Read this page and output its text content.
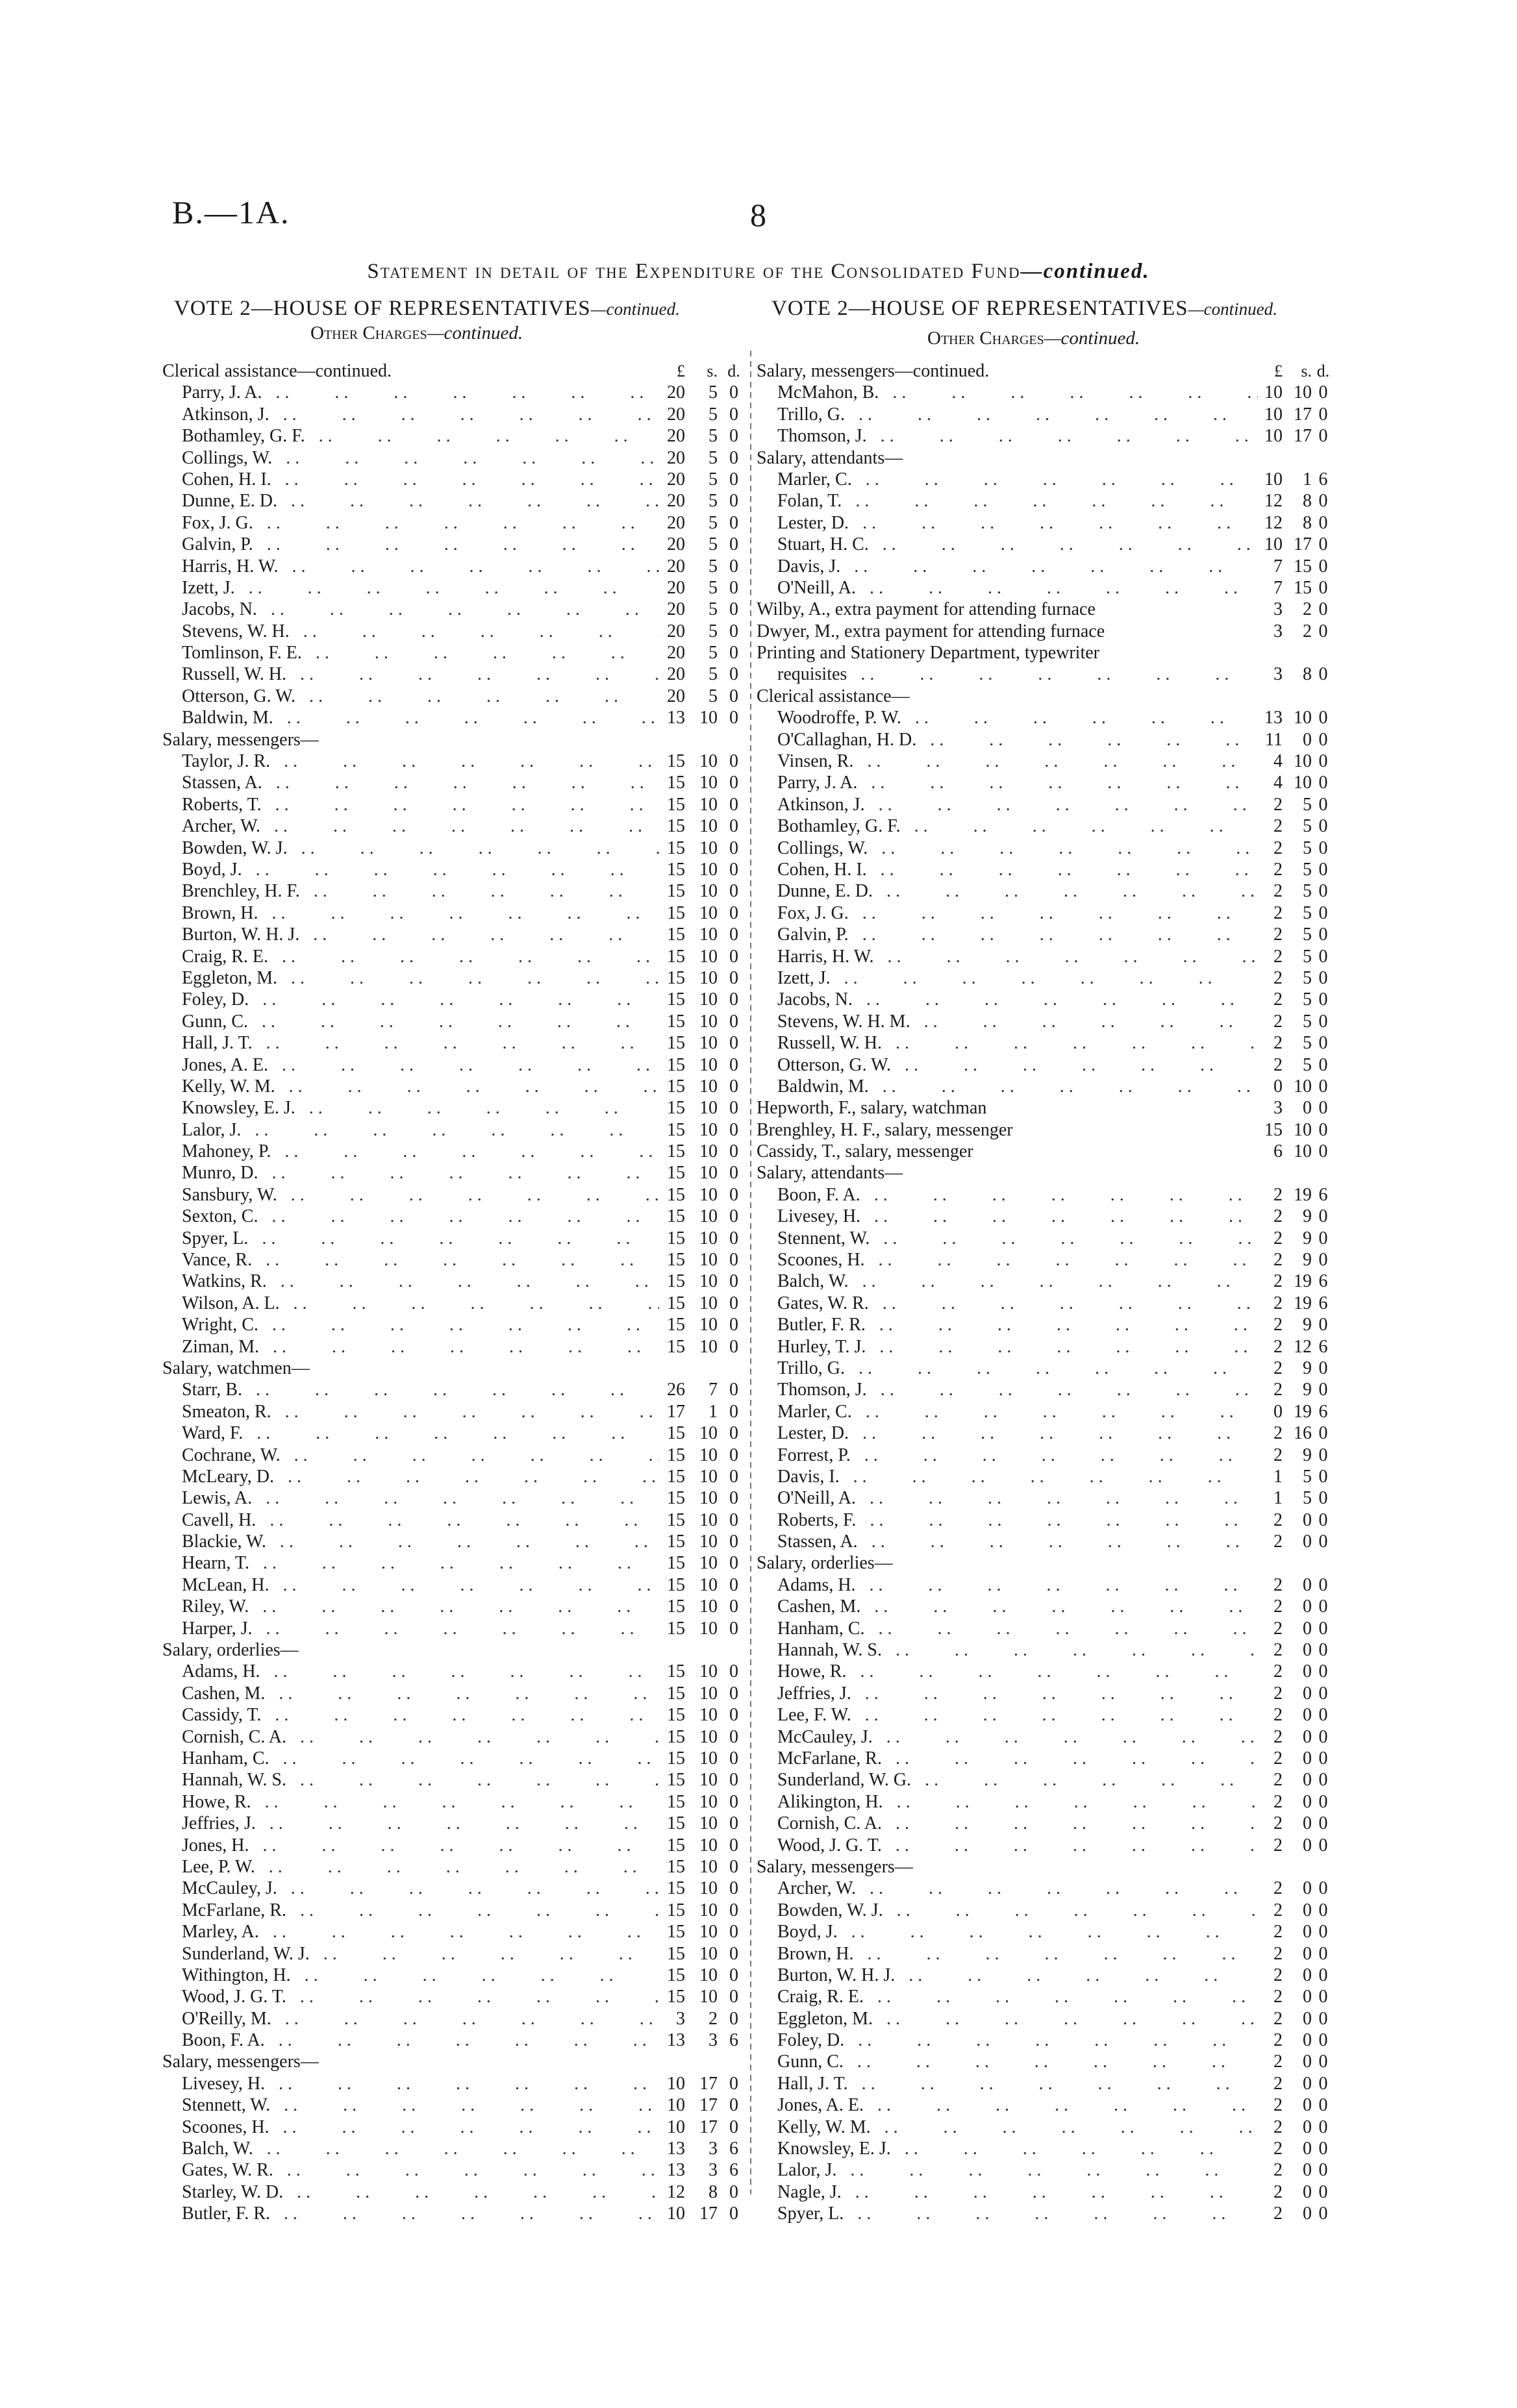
B.—1A.	8
Statement in detail of the Expenditure of the Consolidated Fund—continued.
VOTE 2—HOUSE OF REPRESENTATIVES—continued.	VOTE 2—HOUSE OF REPRESENTATIVES—continued.
Other Charges—continued.	Other Charges—continued.
Clerical assistance—continued.	£	s. d.
Parry, J. A. . .	20	5 0
Atkinson, J. . .	20	5 0
Bothamley, G. F. . .	20	5 0
Collings, W. . .	20	5 0
Cohen, H. I. . .	20	5 0
Dunne, E. D. . .	20	5 0
Fox, J. G. . .	20	5 0
Galvin, P. . .	20	5 0
Harris, H. W. . .	20	5 0
Izett, J. . .	20	5 0
Jacobs, N. . .	20	5 0
Stevens, W. H. . .	20	5 0
Tomlinson, F. E. . .	20	5 0
Russell, W. H. . .	20	5 0
Otterson, G. W. . .	20	5 0
Baldwin, M. . .	13 10 0
Salary, messengers—
Taylor, J. R. . .	15 10 0
Stassen, A. . .	15 10 0
Roberts, T. . .	15 10 0
Archer, W. . .	15 10 0
Bowden, W. J. . .	15 10 0
Boyd, J. . .	15 10 0
Brenchley, H. F. . .	15 10 0
Brown, H. . .	15 10 0
Burton, W. H. J. . .	15 10 0
Craig, R. E. . .	15 10 0
Eggleton, M. . .	15 10 0
Foley, D. . .	15 10 0
Gunn, C. . .	15 10 0
Hall, J. T. . .	15 10 0
Jones, A. E. . .	15 10 0
Kelly, W. M. . .	15 10 0
Knowsley, E. J. . .	15 10 0
Lalor, J. . .	15 10 0
Mahoney, P. . .	15 10 0
Munro, D. . .	15 10 0
Sansbury, W. . .	15 10 0
Sexton, C. . .	15 10 0
Spyer, L. . .	15 10 0
Vance, R. . .	15 10 0
Watkins, R. . .	15 10 0
Wilson, A. L. . .	15 10 0
Wright, C. . .	15 10 0
Ziman, M. . .	15 10 0
Salary, watchmen—
Starr, B. . .	26	7 0
Smeaton, R. . .	17	1 0
Ward, F. . .	15 10 0
Cochrane, W. . .	15 10 0
McLeary, D. . .	15 10 0
Lewis, A. . .	15 10 0
Cavell, H. . .	15 10 0
Blackie, W. . .	15 10 0
Hearn, T. . .	15 10 0
McLean, H. . .	15 10 0
Riley, W. . .	15 10 0
Harper, J. . .	15 10 0
Salary, orderlies—
Adams, H. . .	15 10 0
Cashen, M. . .	15 10 0
Cassidy, T. . .	15 10 0
Cornish, C. A. . .	15 10 0
Hanham, C. . .	15 10 0
Hannah, W. S. . .	15 10 0
Howe, R. . .	15 10 0
Jeffries, J. . .	15 10 0
Jones, H. . .	15 10 0
Lee, P. W. . .	15 10 0
McCauley, J. . .	15 10 0
McFarlane, R. . .	15 10 0
Marley, A. . .	15 10 0
Sunderland, W. J. . .	15 10 0
Withington, H. . .	15 10 0
Wood, J. G. T. . .	15 10 0
O'Reilly, M. . .	3	2 0
Boon, F. A. . .	13	3 6
Salary, messengers—
Livesey, H. . .	10 17 0
Stennett, W. . .	10 17 0
Scoones, H. . .	10 17 0
Balch, W. . .	13	3 6
Gates, W. R. . .	13	3 6
Starley, W. D. . .	12	8 0
Butler, F. R. . .	10 17 0
Salary, messengers—continued.	£	s. d.
McMahon, B. . .	10 10 0
Trillo, G. . .	10 17 0
Thomson, J. . .	10 17 0
Salary, attendants—
Marler, C. . .	10	1 6
Folan, T. . .	12	8 0
Lester, D. . .	12	8 0
Stuart, H. C. . .	10 17 0
Davis, J. . .	7 15 0
O'Neill, A. . .	7 15 0
Wilby, A., extra payment for attending furnace	3	2 0
Dwyer, M., extra payment for attending furnace	3	2 0
Printing and Stationery Department, typewriter
requisites . .	3	8 0
Clerical assistance—
Woodroffe, P. W. . .	13 10 0
O'Callaghan, H. D. . .	11	0 0
Vinsen, R. . .	4 10 0
Parry, J. A. . .	4 10 0
Atkinson, J. . .	2	5 0
Bothamley, G. F. . .	2	5 0
Collings, W. . .	2	5 0
Cohen, H. I. . .	2	5 0
Dunne, E. D. . .	2	5 0
Fox, J. G. . .	2	5 0
Galvin, P. . .	2	5 0
Harris, H. W. . .	2	5 0
Izett, J. . .	2	5 0
Jacobs, N. . .	2	5 0
Stevens, W. H. M. . .	2	5 0
Russell, W. H. . .	2	5 0
Otterson, G. W. . .	2	5 0
Baldwin, M. . .	0 10 0
Hepworth, F., salary, watchman	3	0 0
Brenghley, H. F., salary, messenger	15 10 0
Cassidy, T., salary, messenger	6 10 0
Salary, attendants—
Boon, F. A. . .	2 19 6
Livesey, H. . .	2	9 0
Stennent, W. . .	2	9 0
Scoones, H. . .	2	9 0
Balch, W. . .	2 19 6
Gates, W. R. . .	2 19 6
Butler, F. R. . .	2	9 0
Hurley, T. J. . .	2 12 6
Trillo, G. . .	2	9 0
Thomson, J. . .	2	9 0
Marler, C. . .	0 19 6
Lester, D. . .	2 16 0
Forrest, P. . .	2	9 0
Davis, I. . .	1	5 0
O'Neill, A. . .	1	5 0
Roberts, F. . .	2	0 0
Stassen, A. . .	2	0 0
Salary, orderlies—
Adams, H. . .	2	0 0
Cashen, M. . .	2	0 0
Hanham, C. . .	2	0 0
Hannah, W. S. . .	2	0 0
Howe, R. . .	2	0 0
Jeffries, J. . .	2	0 0
Lee, F. W. . .	2	0 0
McCauley, J. . .	2	0 0
McFarlane, R. . .	2	0 0
Sunderland, W. G. . .	2	0 0
Alikington, H. . .	2	0 0
Cornish, C. A. . .	2	0 0
Wood, J. G. T. . .	2	0 0
Salary, messengers—
Archer, W. . .	2	0 0
Bowden, W. J. . .	2	0 0
Boyd, J. . .	2	0 0
Brown, H. . .	2	0 0
Burton, W. H. J. . .	2	0 0
Craig, R. E. . .	2	0 0
Eggleton, M. . .	2	0 0
Foley, D. . .	2	0 0
Gunn, C. . .	2	0 0
Hall, J. T. . .	2	0 0
Jones, A. E. . .	2	0 0
Kelly, W. M. . .	2	0 0
Knowsley, E. J. . .	2	0 0
Lalor, J. . .	2	0 0
Nagle, J. . .	2	0 0
Spyer, L. . .	2	0 0
